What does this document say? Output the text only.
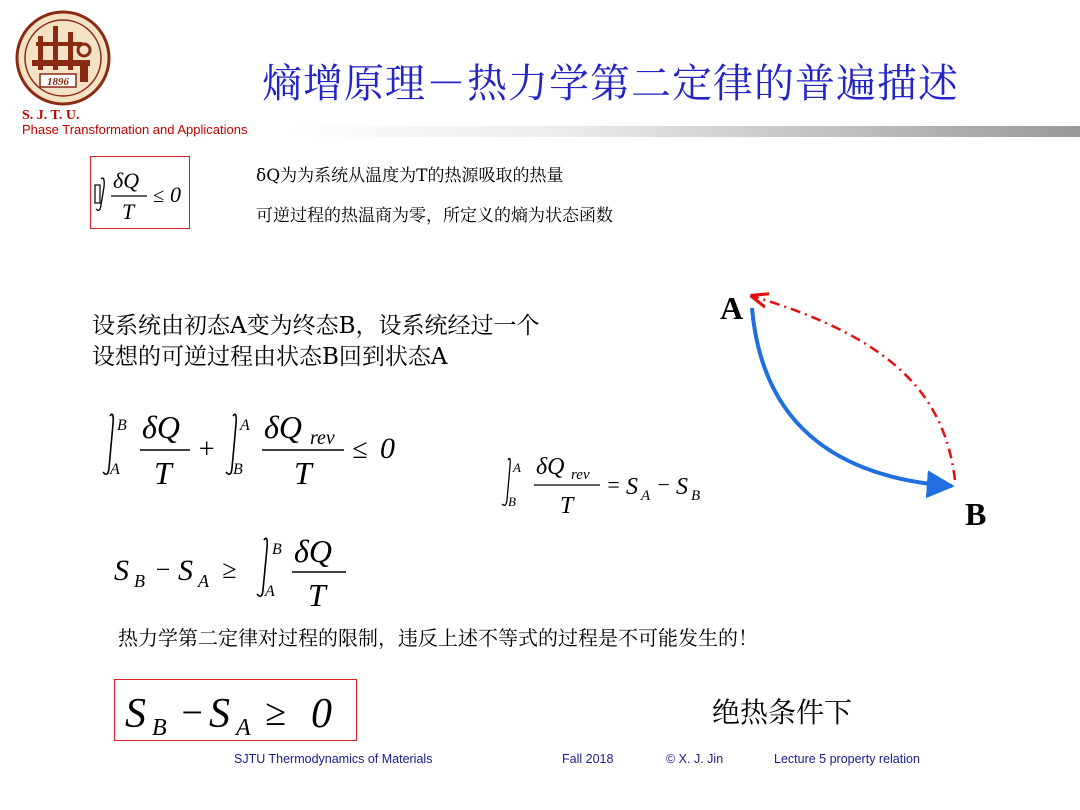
1896	熵增原理－热力学第二定律的普遍描述
S. J. T. U.
Phase Transformation and Applications
δQ
T
≤ 0
δQ为为系统从温度为T的热源吸取的热量
可逆过程的热温商为零，所定义的熵为状态函数
设系统由初态A变为终态B，设系统经过一个
设想的可逆过程由状态B回到状态A
B
A
δQ
T
+
A
B
δQ rev
T
≤ 0
A
B
δQ rev
T
= S A − S B
S B − S A ≥
B
A
δQ
T
热力学第二定律对过程的限制，违反上述不等式的过程是不可能发生的！
S B − S A ≥ 0	绝热条件下
A
B
SJTU Thermodynamics of Materials	Fall 2018	© X. J. Jin	Lecture 5 property relation
